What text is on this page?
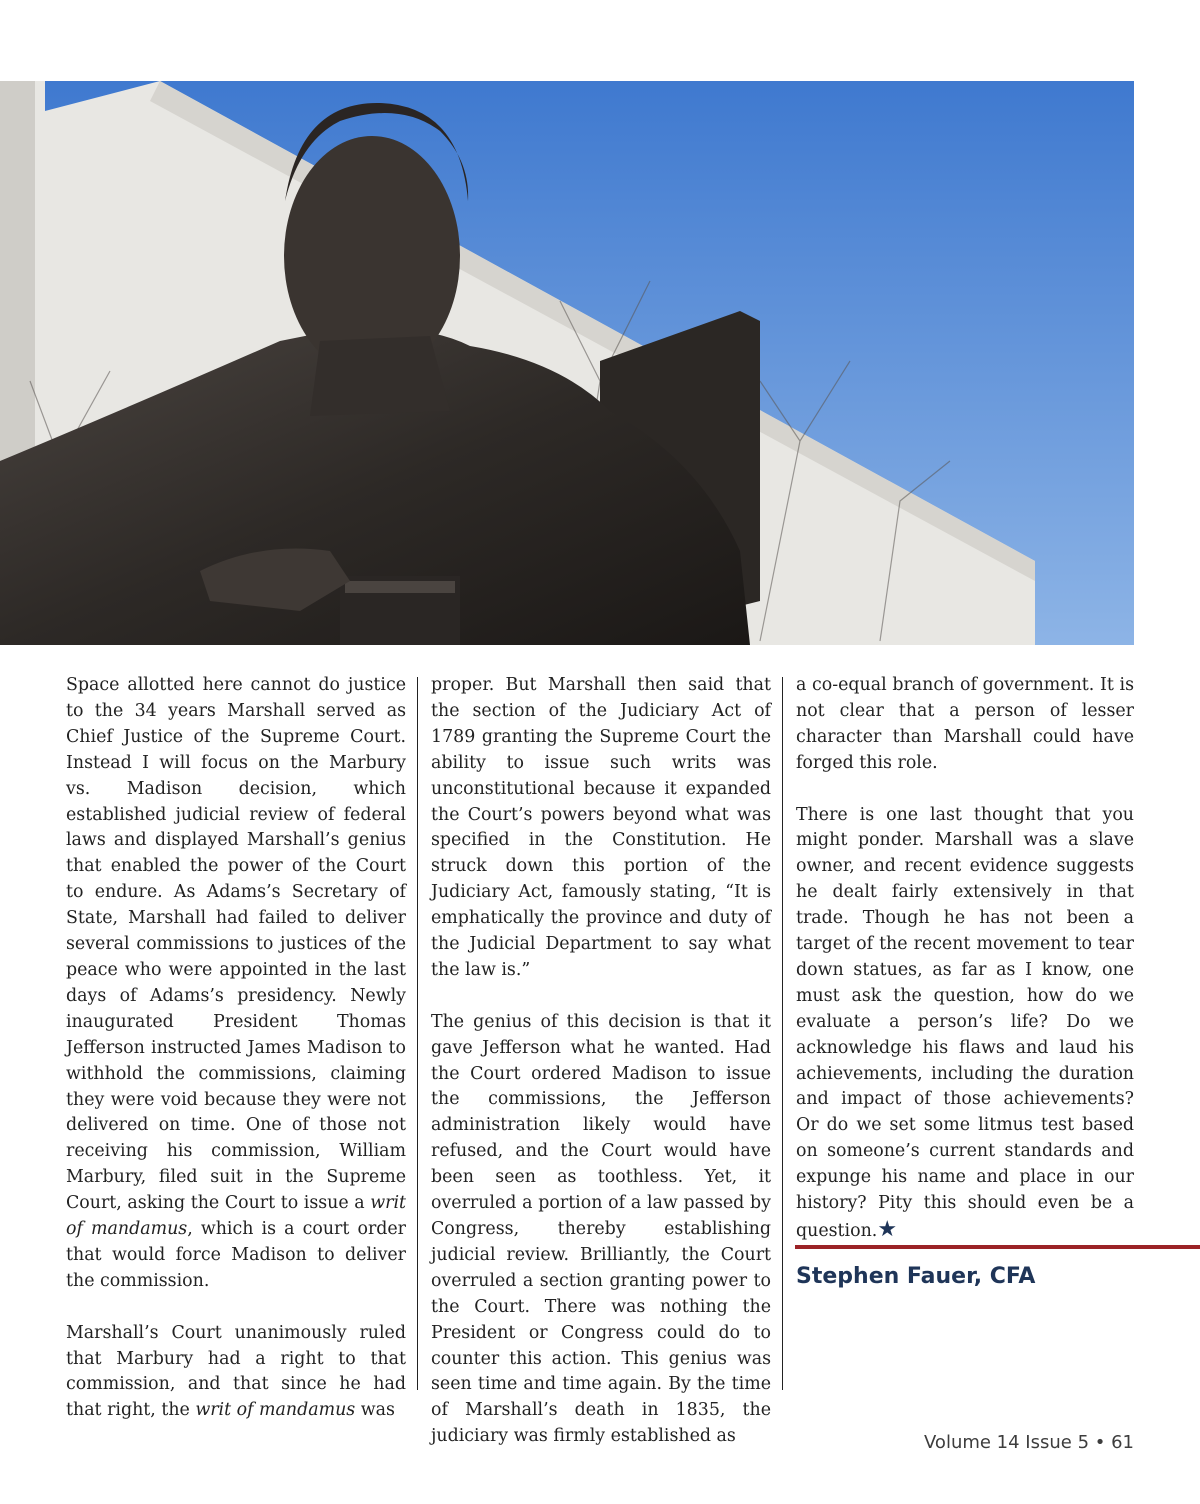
Space allotted here cannot do justice to the 34 years Marshall served as Chief Justice of the Supreme Court. Instead I will focus on the Marbury vs. Madison decision, which established judicial review of federal laws and displayed Marshall’s genius that enabled the power of the Court to endure. As Adams’s Secretary of State, Marshall had failed to deliver several commissions to justices of the peace who were appointed in the last days of Adams’s presidency. Newly inaugurated President Thomas Jefferson instructed James Madison to withhold the commissions, claiming they were void because they were not delivered on time. One of those not receiving his commission, William Marbury, filed suit in the Supreme Court, asking the Court to issue a writ of mandamus, which is a court order that would force Madison to deliver the commission.

Marshall’s Court unanimously ruled that Marbury had a right to that commission, and that since he had that right, the writ of mandamus was

proper. But Marshall then said that the section of the Judiciary Act of 1789 granting the Supreme Court the ability to issue such writs was unconstitutional because it expanded the Court’s powers beyond what was specified in the Constitution. He struck down this portion of the Judiciary Act, famously stating, “It is emphatically the province and duty of the Judicial Department to say what the law is.”

The genius of this decision is that it gave Jefferson what he wanted. Had the Court ordered Madison to issue the commissions, the Jefferson administration likely would have refused, and the Court would have been seen as toothless. Yet, it overruled a portion of a law passed by Congress, thereby establishing judicial review. Brilliantly, the Court overruled a section granting power to the Court. There was nothing the President or Congress could do to counter this action. This genius was seen time and time again. By the time of Marshall’s death in 1835, the judiciary was firmly established as

a co-equal branch of government. It is not clear that a person of lesser character than Marshall could have forged this role.

There is one last thought that you might ponder. Marshall was a slave owner, and recent evidence suggests he dealt fairly extensively in that trade. Though he has not been a target of the recent movement to tear down statues, as far as I know, one must ask the question, how do we evaluate a person’s life? Do we acknowledge his flaws and laud his achievements, including the duration and impact of those achievements? Or do we set some litmus test based on someone’s current standards and expunge his name and place in our history? Pity this should even be a question.★

Stephen Fauer, CFA
Volume 14 Issue 5 • 61
